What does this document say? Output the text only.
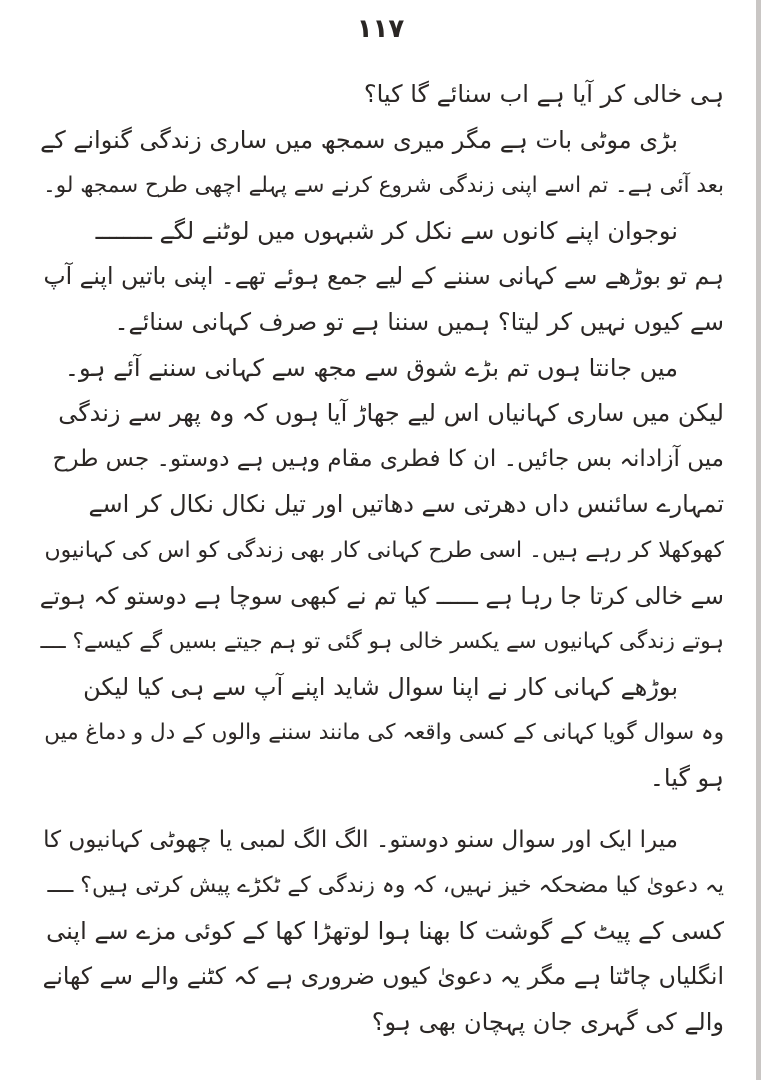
۱۱۷
ہی خالی کر آیا ہے اب سنائے گا کیا؟
بڑی موٹی بات ہے مگر میری سمجھ میں ساری زندگی گنوانے کے
بعد آئی ہے۔ تم اسے اپنی زندگی شروع کرنے سے پہلے اچھی طرح سمجھ لو۔
نوجوان اپنے کانوں سے نکل کر شبہوں میں لوٹنے لگے ــــــــ
ہم تو بوڑھے سے کہانی سننے کے لیے جمع ہوئے تھے۔ اپنی باتیں اپنے آپ
سے کیوں نہیں کر لیتا؟ ہمیں سننا ہے تو صرف کہانی سنائے۔
میں جانتا ہوں تم بڑے شوق سے مجھ سے کہانی سننے آئے ہو۔
لیکن میں ساری کہانیاں اس لیے جھاڑ آیا ہوں کہ وہ پھر سے زندگی
میں آزادانہ بس جائیں۔ ان کا فطری مقام وہیں ہے دوستو۔ جس طرح
تمہارے سائنس داں دھرتی سے دھاتیں اور تیل نکال نکال کر اسے
کھوکھلا کر رہے ہیں۔ اسی طرح کہانی کار بھی زندگی کو اس کی کہانیوں
سے خالی کرتا جا رہا ہے ــــــ کیا تم نے کبھی سوچا ہے دوستو کہ ہوتے
ہوتے زندگی کہانیوں سے یکسر خالی ہو گئی تو ہم جیتے بسیں گے کیسے؟ ــــ
بوڑھے کہانی کار نے اپنا سوال شاید اپنے آپ سے ہی کیا لیکن
وہ سوال گویا کہانی کے کسی واقعہ کی مانند سننے والوں کے دل و دماغ میں
ہو گیا۔
میرا ایک اور سوال سنو دوستو۔ الگ الگ لمبی یا چھوٹی کہانیوں کا
یہ دعویٰ کیا مضحکہ خیز نہیں، کہ وہ زندگی کے ٹکڑے پیش کرتی ہیں؟ ــــ
کسی کے پیٹ کے گوشت کا بھنا ہوا لوتھڑا کھا کے کوئی مزے سے اپنی
انگلیاں چاٹتا ہے مگر یہ دعویٰ کیوں ضروری ہے کہ کٹنے والے سے کھانے
والے کی گہری جان پہچان بھی ہو؟
